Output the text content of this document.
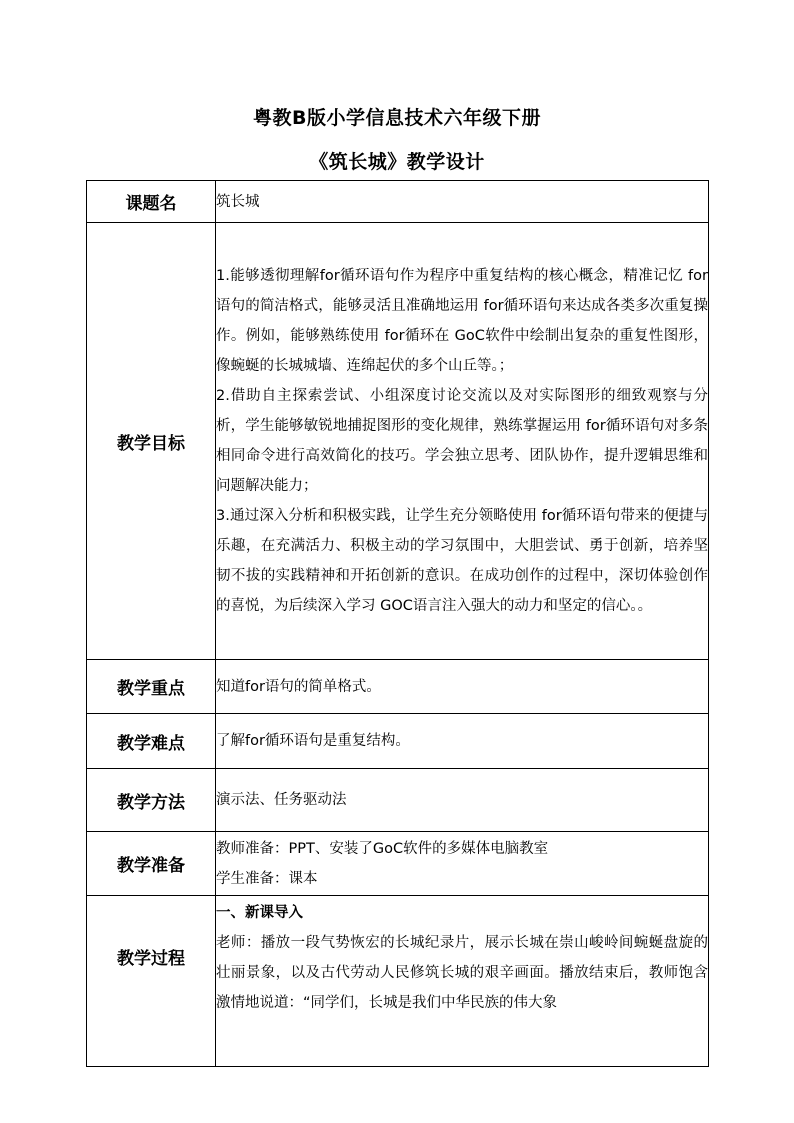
粤教B版小学信息技术六年级下册
《筑长城》教学设计
课题名	筑长城
教学目标	1.能够透彻理解for循环语句作为程序中重复结构的核心概念，精准记忆 for语句的简洁格式，能够灵活且准确地运用 for循环语句来达成各类多次重复操作。例如，能够熟练使用 for循环在 GoC软件中绘制出复杂的重复性图形，像蜿蜒的长城城墙、连绵起伏的多个山丘等。；
2.借助自主探索尝试、小组深度讨论交流以及对实际图形的细致观察与分析，学生能够敏锐地捕捉图形的变化规律，熟练掌握运用 for循环语句对多条相同命令进行高效简化的技巧。学会独立思考、团队协作，提升逻辑思维和问题解决能力；
3.通过深入分析和积极实践，让学生充分领略使用 for循环语句带来的便捷与乐趣，在充满活力、积极主动的学习氛围中，大胆尝试、勇于创新，培养坚韧不拔的实践精神和开拓创新的意识。在成功创作的过程中，深切体验创作的喜悦，为后续深入学习 GOC语言注入强大的动力和坚定的信心。。

教学重点	知道for语句的简单格式。
教学难点	了解for循环语句是重复结构。
教学方法	演示法、任务驱动法
教学准备	教师准备：PPT、安装了GoC软件的多媒体电脑教室
学生准备：课本

教学过程	一、新课导入
老师：播放一段气势恢宏的长城纪录片，展示长城在崇山峻岭间蜿蜒盘旋的壮丽景象，以及古代劳动人民修筑长城的艰辛画面。播放结束后，教师饱含激情地说道：“同学们，长城是我们中华民族的伟大象
